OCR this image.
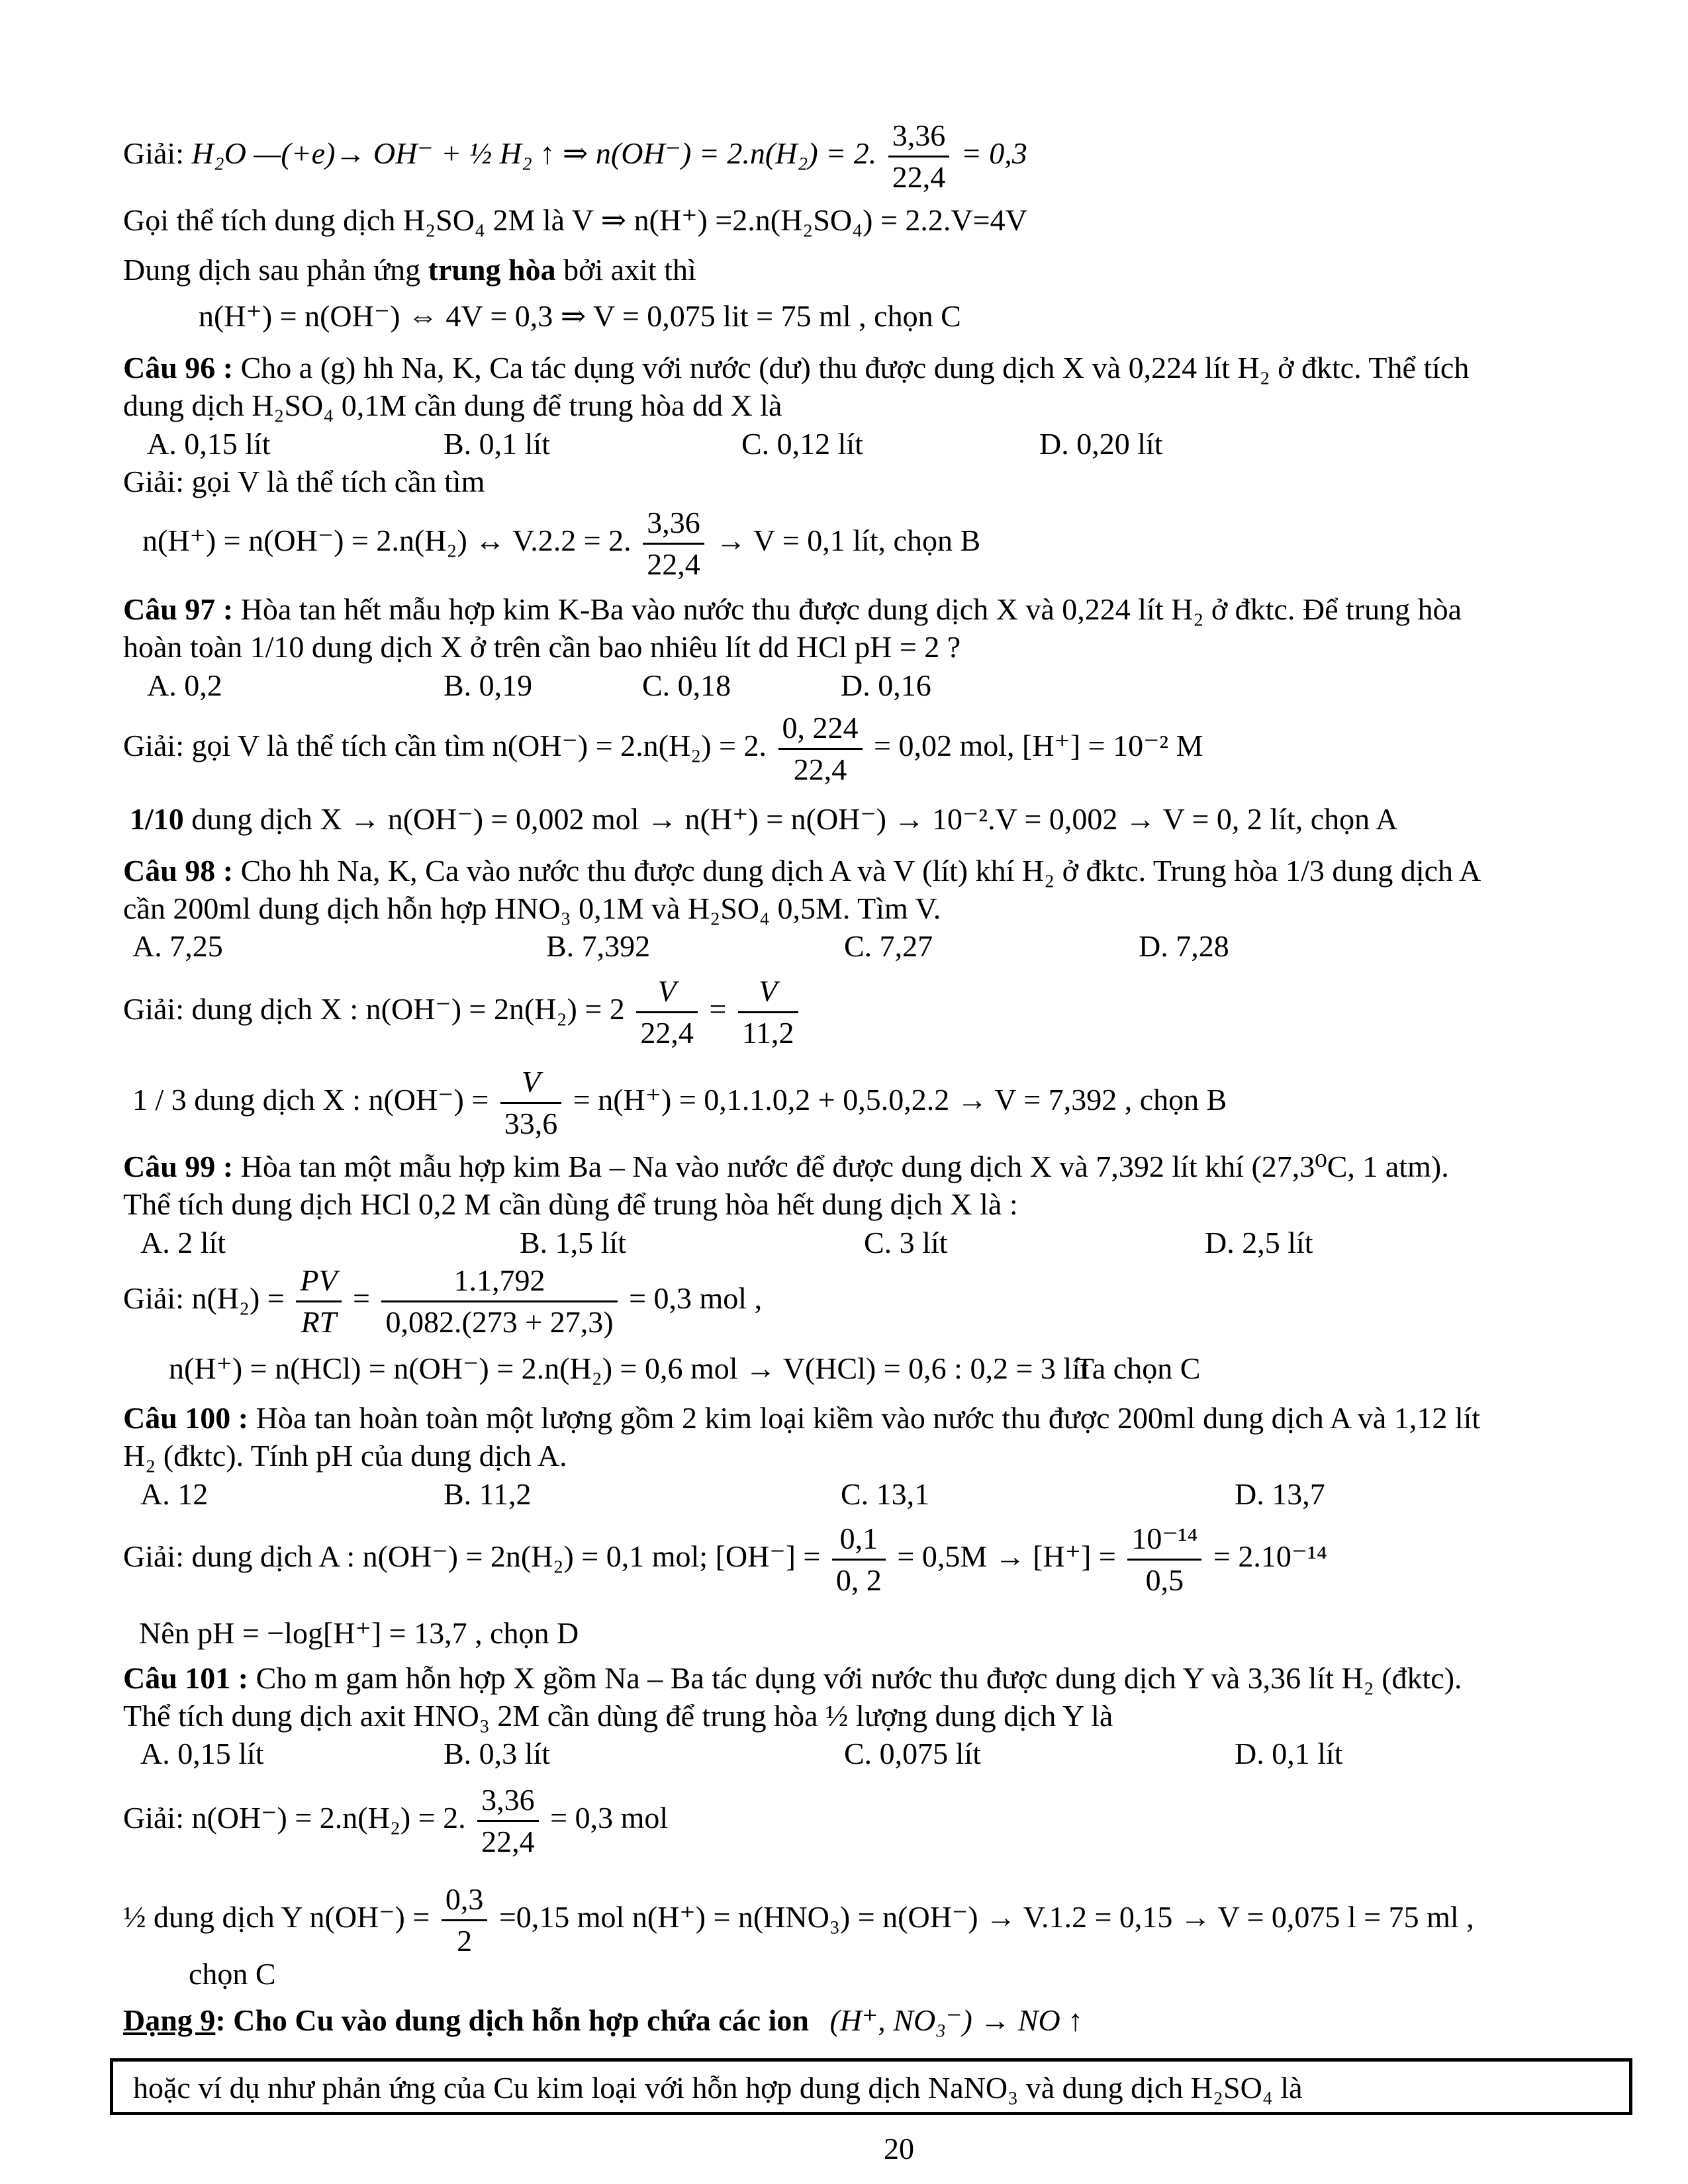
Giải: H₂O —(+e)→ OH⁻ + ½ H₂ ↑ ⇒ n(OH⁻) = 2.n(H₂) = 2. $\frac{3,36}{22,4} = 0,3$
Gọi thể tích dung dịch H₂SO₄ 2M là V ⇒ n(H⁺) =2.n(H₂SO₄) = 2.2.V=4V
Dung dịch sau phản ứng trung hòa bởi axit thì
n(H⁺) = n(OH⁻) ⇔ 4V = 0,3 ⇒ V = 0,075 lit = 75 ml , chọn C
Câu 96 : Cho a (g) hh Na, K, Ca tác dụng với nước (dư) thu được dung dịch X và 0,224 lít H₂ ở đktc. Thể tích
dung dịch H₂SO₄ 0,1M cần dung để trung hòa dd X là
A. 0,15 lít	B. 0,1 lít	C. 0,12 lít	D. 0,20 lít
Giải: gọi V là thể tích cần tìm
n(H⁺) = n(OH⁻) = 2.n(H₂) ↔ V.2.2 = 2. $\frac{3,36}{22,4} \to V = 0,1$ lít, chọn B
Câu 97 : Hòa tan hết mẫu hợp kim K-Ba vào nước thu được dung dịch X và 0,224 lít H₂ ở đktc. Để trung hòa
hoàn toàn 1/10 dung dịch X ở trên cần bao nhiêu lít dd HCl pH = 2 ?
A. 0,2	B. 0,19	C. 0,18	D. 0,16
Giải: gọi V là thể tích cần tìm n(OH⁻) = 2.n(H₂) = 2. $\frac{0, 224}{22,4} = 0,02$ mol, [H⁺] = 10⁻² M
1/10 dung dịch X → n(OH⁻) = 0,002 mol → n(H⁺) = n(OH⁻) → 10⁻².V = 0,002 → V = 0, 2 lít, chọn A
Câu 98 : Cho hh Na, K, Ca vào nước thu được dung dịch A và V (lít) khí H₂ ở đktc. Trung hòa 1/3 dung dịch A
cần 200ml dung dịch hỗn hợp HNO₃ 0,1M và H₂SO₄ 0,5M. Tìm V.
A. 7,25	B. 7,392	C. 7,27	D. 7,28
Giải: dung dịch X : $n(OH^-) = 2n(H_2) = 2 \frac{V}{22,4} = \frac{V}{11,2}$
1 / 3 dung dịch X : $n(OH^-) = \frac{V}{33,6} = n(H^+) = 0,1.1.0,2 + 0,5.0,2.2 \to V = 7,392$ , chọn B
Câu 99 : Hòa tan một mẫu hợp kim Ba – Na vào nước để được dung dịch X và 7,392 lít khí (27,3⁰C, 1 atm).
Thể tích dung dịch HCl 0,2 M cần dùng để trung hòa hết dung dịch X là :
A. 2 lít	B. 1,5 lít	C. 3 lít	D. 2,5 lít
Giải: $n(H_2) = \frac{PV}{RT} = \frac{1.1,792}{0,082.(273 + 27,3)} = 0,3$ mol ,
n(H⁺) = n(HCl) = n(OH⁻) = 2.n(H₂) = 0,6 mol → V(HCl) = 0,6 : 0,2 = 3 lít
Ta chọn C
Câu 100 : Hòa tan hoàn toàn một lượng gồm 2 kim loại kiềm vào nước thu được 200ml dung dịch A và 1,12 lít
H₂ (đktc). Tính pH của dung dịch A.
A. 12	B. 11,2	C. 13,1	D. 13,7
Giải: dung dịch A : n(OH⁻) = 2n(H₂) = 0,1 mol; $[OH^-] = \frac{0,1}{0, 2} = 0,5M \to [H^+] = \frac{\text{10⁻¹⁴}}{0,5} = 2.10^{-14}$
Nên pH = −log[H⁺] = 13,7 , chọn D
Câu 101 : Cho m gam hỗn hợp X gồm Na – Ba tác dụng với nước thu được dung dịch Y và 3,36 lít H₂ (đktc).
Thể tích dung dịch axit HNO₃ 2M cần dùng để trung hòa ½ lượng dung dịch Y là
A. 0,15 lít	B. 0,3 lít	C. 0,075 lít	D. 0,1 lít
Giải: n(OH⁻) = 2.n(H₂) = 2. $\frac{3,36}{22,4} = 0,3$ mol
½ dung dịch Y $n(OH^-) = \frac{0,3}{2} =0,15$ mol n(H⁺) = n(HNO₃) = n(OH⁻) → V.1.2 = 0,15 → V = 0,075 l = 75 ml ,
chọn C
Dạng 9: Cho Cu vào dung dịch hỗn hợp chứa các ion (H⁺, NO₃⁻) → NO ↑
hoặc ví dụ như phản ứng của Cu kim loại với hỗn hợp dung dịch NaNO₃ và dung dịch H₂SO₄ là
20
